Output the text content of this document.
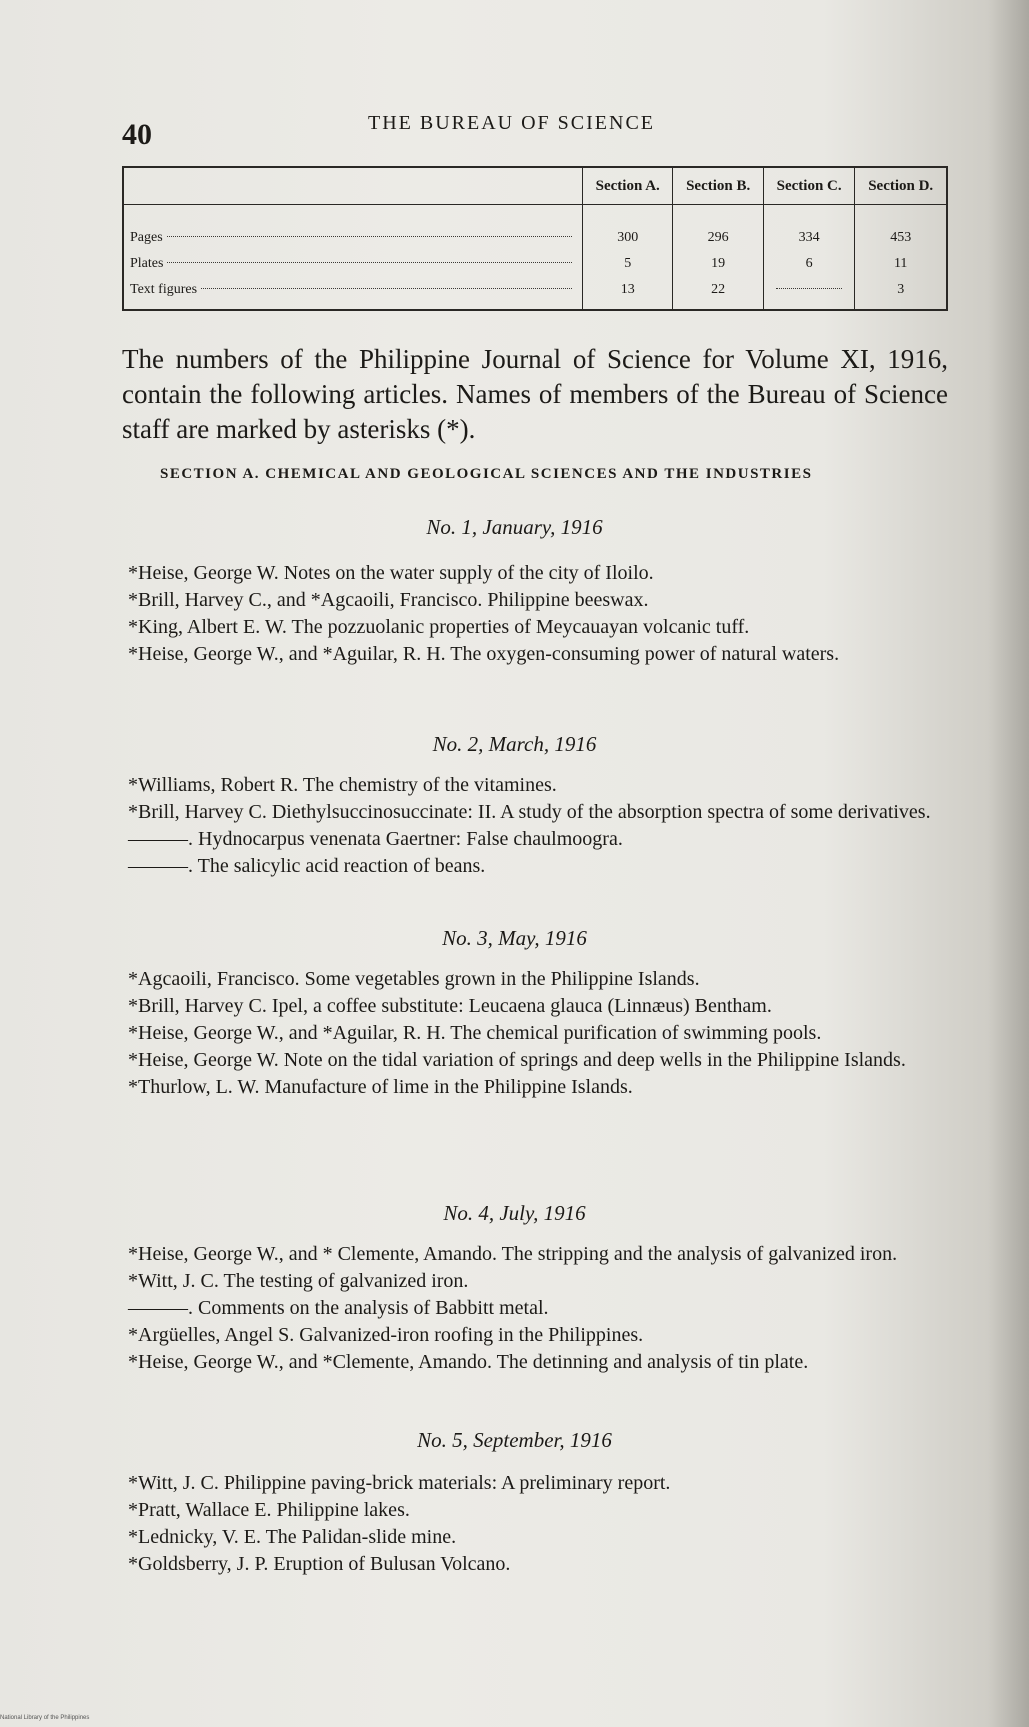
40	THE BUREAU OF SCIENCE
	Section A.	Section B.	Section C.	Section D.

Pages	300	296	334	453

Plates	5	19	6	11

Text figures	13	22		3
The numbers of the Philippine Journal of Science for Volume XI, 1916, contain the following articles. Names of members of the Bureau of Science staff are marked by asterisks (*).
SECTION A. CHEMICAL AND GEOLOGICAL SCIENCES AND THE INDUSTRIES
No. 1, January, 1916
*Heise, George W. Notes on the water supply of the city of Iloilo.
*Brill, Harvey C., and *Agcaoili, Francisco. Philippine beeswax.
*King, Albert E. W. The pozzuolanic properties of Meycauayan volcanic tuff.
*Heise, George W., and *Aguilar, R. H. The oxygen-consuming power of natural waters.
No. 2, March, 1916
*Williams, Robert R. The chemistry of the vitamines.
*Brill, Harvey C. Diethylsuccinosuccinate: II. A study of the absorption spectra of some derivatives.
———. Hydnocarpus venenata Gaertner: False chaulmoogra.
———. The salicylic acid reaction of beans.
No. 3, May, 1916
*Agcaoili, Francisco. Some vegetables grown in the Philippine Islands.
*Brill, Harvey C. Ipel, a coffee substitute: Leucaena glauca (Linnæus) Bentham.
*Heise, George W., and *Aguilar, R. H. The chemical purification of swimming pools.
*Heise, George W. Note on the tidal variation of springs and deep wells in the Philippine Islands.
*Thurlow, L. W. Manufacture of lime in the Philippine Islands.
No. 4, July, 1916
*Heise, George W., and * Clemente, Amando. The stripping and the analysis of galvanized iron.
*Witt, J. C. The testing of galvanized iron.
———. Comments on the analysis of Babbitt metal.
*Argüelles, Angel S. Galvanized-iron roofing in the Philippines.
*Heise, George W., and *Clemente, Amando. The detinning and analysis of tin plate.
No. 5, September, 1916
*Witt, J. C. Philippine paving-brick materials: A preliminary report.
*Pratt, Wallace E. Philippine lakes.
*Lednicky, V. E. The Palidan-slide mine.
*Goldsberry, J. P. Eruption of Bulusan Volcano.
National Library of the Philippines
